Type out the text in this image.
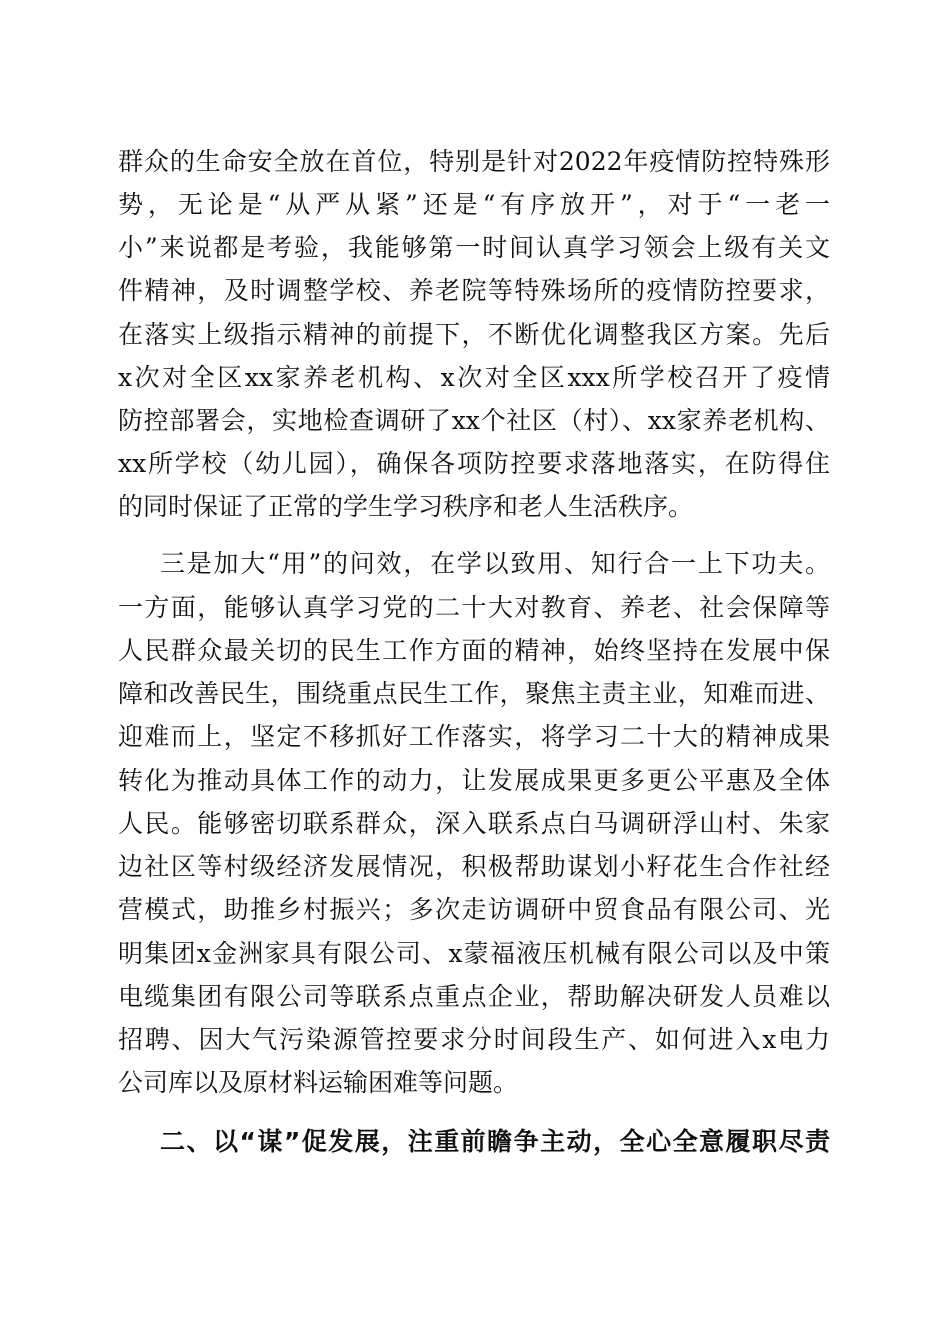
群众的生命安全放在首位，特别是针对2022年疫情防控特殊形
势，无论是“从严从紧”还是“有序放开”，对于“一老一
小”来说都是考验，我能够第一时间认真学习领会上级有关文
件精神，及时调整学校、养老院等特殊场所的疫情防控要求，
在落实上级指示精神的前提下，不断优化调整我区方案。先后
x次对全区xx家养老机构、x次对全区xxx所学校召开了疫情
防控部署会，实地检查调研了xx个社区（村）、xx家养老机构、
xx所学校（幼儿园），确保各项防控要求落地落实，在防得住
的同时保证了正常的学生学习秩序和老人生活秩序。
三是加大“用”的问效，在学以致用、知行合一上下功夫。
一方面，能够认真学习党的二十大对教育、养老、社会保障等
人民群众最关切的民生工作方面的精神，始终坚持在发展中保
障和改善民生，围绕重点民生工作，聚焦主责主业，知难而进、
迎难而上，坚定不移抓好工作落实，将学习二十大的精神成果
转化为推动具体工作的动力，让发展成果更多更公平惠及全体
人民。能够密切联系群众，深入联系点白马调研浮山村、朱家
边社区等村级经济发展情况，积极帮助谋划小籽花生合作社经
营模式，助推乡村振兴；多次走访调研中贸食品有限公司、光
明集团x金洲家具有限公司、x蒙福液压机械有限公司以及中策
电缆集团有限公司等联系点重点企业，帮助解决研发人员难以
招聘、因大气污染源管控要求分时间段生产、如何进入x电力
公司库以及原材料运输困难等问题。
二、以“谋”促发展，注重前瞻争主动，全心全意履职尽责
